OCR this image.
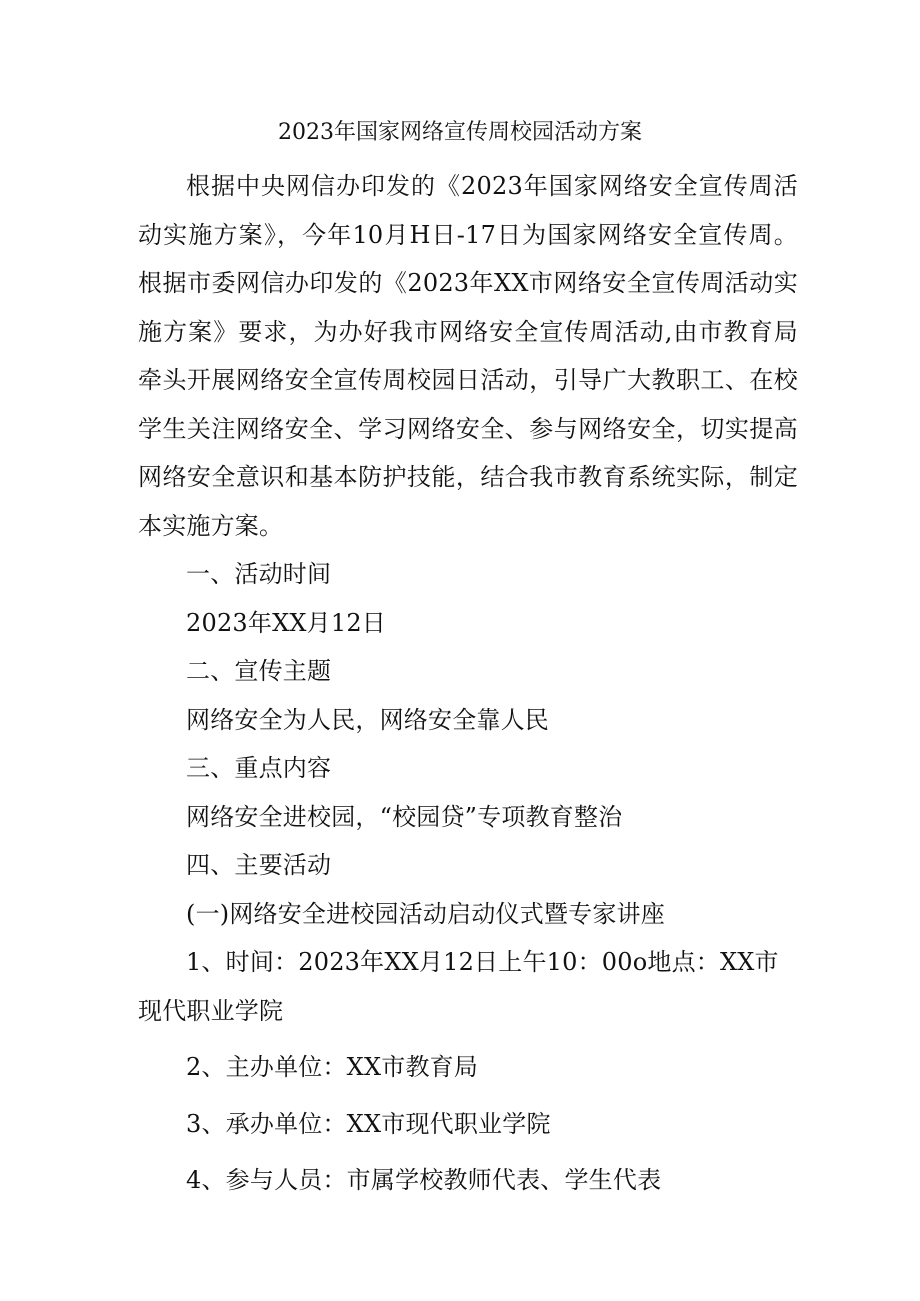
2023年国家网络宣传周校园活动方案

根据中央网信办印发的《2023年国家网络安全宣传周活动实施方案》，今年10月H日-17日为国家网络安全宣传周。根据市委网信办印发的《2023年XX市网络安全宣传周活动实施方案》要求，为办好我市网络安全宣传周活动,由市教育局牵头开展网络安全宣传周校园日活动，引导广大教职工、在校学生关注网络安全、学习网络安全、参与网络安全，切实提高网络安全意识和基本防护技能，结合我市教育系统实际，制定本实施方案。

一、活动时间

2023年XX月12日

二、宣传主题

网络安全为人民，网络安全靠人民

三、重点内容

网络安全进校园，“校园贷”专项教育整治

四、主要活动

(一)网络安全进校园活动启动仪式暨专家讲座

1、时间：2023年XX月12日上午10：00o地点：XX市现代职业学院

2、主办单位：XX市教育局

3、承办单位：XX市现代职业学院

4、参与人员：市属学校教师代表、学生代表
